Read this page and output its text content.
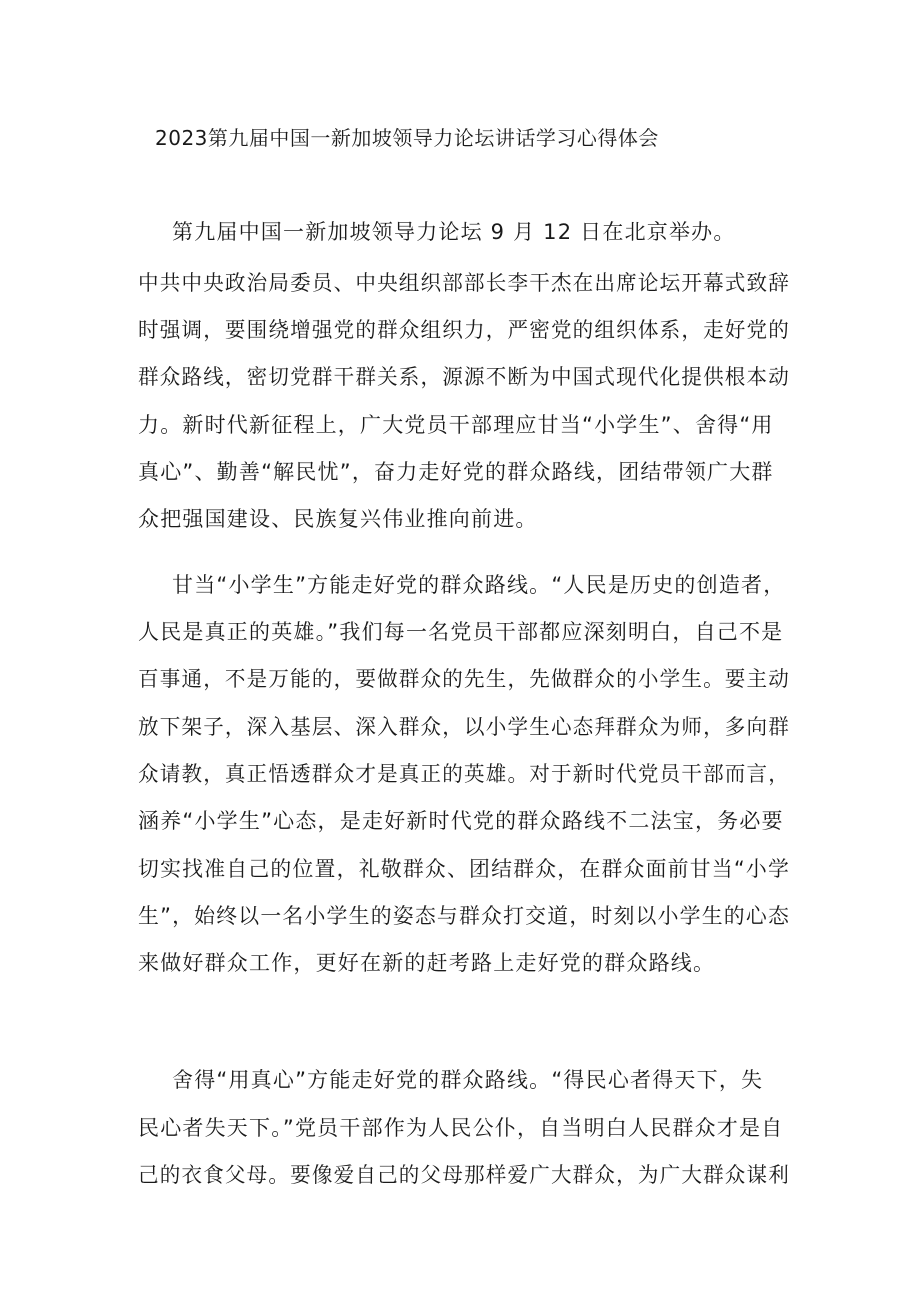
2023第九届中国一新加坡领导力论坛讲话学习心得体会
第九届中国一新加坡领导力论坛 9 月 12 日在北京举办。
中共中央政治局委员、中央组织部部长李干杰在出席论坛开幕式致辞
时强调，要围绕增强党的群众组织力，严密党的组织体系，走好党的
群众路线，密切党群干群关系，源源不断为中国式现代化提供根本动
力。新时代新征程上，广大党员干部理应甘当“小学生”、舍得“用
真心”、勤善“解民忧”，奋力走好党的群众路线，团结带领广大群
众把强国建设、民族复兴伟业推向前进。
甘当“小学生”方能走好党的群众路线。“人民是历史的创造者，
人民是真正的英雄。”我们每一名党员干部都应深刻明白，自己不是
百事通，不是万能的，要做群众的先生，先做群众的小学生。要主动
放下架子，深入基层、深入群众，以小学生心态拜群众为师，多向群
众请教，真正悟透群众才是真正的英雄。对于新时代党员干部而言，
涵养“小学生”心态，是走好新时代党的群众路线不二法宝，务必要
切实找准自己的位置，礼敬群众、团结群众，在群众面前甘当“小学
生”，始终以一名小学生的姿态与群众打交道，时刻以小学生的心态
来做好群众工作，更好在新的赶考路上走好党的群众路线。
舍得“用真心”方能走好党的群众路线。“得民心者得天下，失
民心者失天下。”党员干部作为人民公仆，自当明白人民群众才是自
己的衣食父母。要像爱自己的父母那样爱广大群众，为广大群众谋利
